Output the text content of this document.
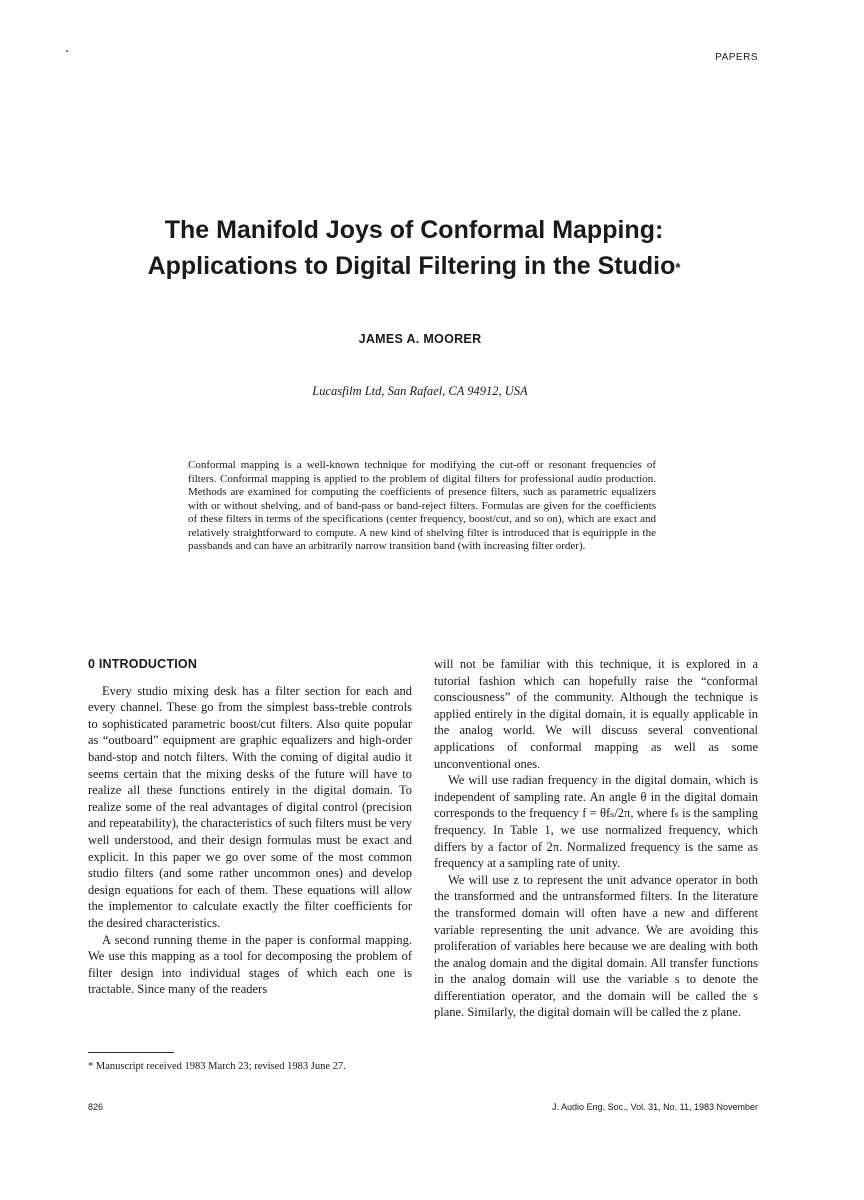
PAPERS
The Manifold Joys of Conformal Mapping:
Applications to Digital Filtering in the Studio*
JAMES A. MOORER
Lucasfilm Ltd, San Rafael, CA 94912, USA
Conformal mapping is a well-known technique for modifying the cut-off or resonant frequencies of filters. Conformal mapping is applied to the problem of digital filters for professional audio production. Methods are examined for computing the coefficients of presence filters, such as parametric equalizers with or without shelving, and of band-pass or band-reject filters. Formulas are given for the coefficients of these filters in terms of the specifications (center frequency, boost/cut, and so on), which are exact and relatively straightforward to compute. A new kind of shelving filter is introduced that is equiripple in the passbands and can have an arbitrarily narrow transition band (with increasing filter order).
0 INTRODUCTION

Every studio mixing desk has a filter section for each and every channel. These go from the simplest bass-treble controls to sophisticated parametric boost/cut filters. Also quite popular as “outboard” equipment are graphic equalizers and high-order band-stop and notch filters. With the coming of digital audio it seems certain that the mixing desks of the future will have to realize all these functions entirely in the digital domain. To realize some of the real advantages of digital control (precision and repeatability), the characteristics of such filters must be very well understood, and their design formulas must be exact and explicit. In this paper we go over some of the most common studio filters (and some rather uncommon ones) and develop design equations for each of them. These equations will allow the implementor to calculate exactly the filter coefficients for the desired characteristics.

A second running theme in the paper is conformal mapping. We use this mapping as a tool for decomposing the problem of filter design into individual stages of which each one is tractable. Since many of the readers

will not be familiar with this technique, it is explored in a tutorial fashion which can hopefully raise the “conformal consciousness” of the community. Although the technique is applied entirely in the digital domain, it is equally applicable in the analog world. We will discuss several conventional applications of conformal mapping as well as some unconventional ones.

We will use radian frequency in the digital domain, which is independent of sampling rate. An angle θ in the digital domain corresponds to the frequency f = θfₛ/2π, where fₛ is the sampling frequency. In Table 1, we use normalized frequency, which differs by a factor of 2π. Normalized frequency is the same as frequency at a sampling rate of unity.

We will use z to represent the unit advance operator in both the transformed and the untransformed filters. In the literature the transformed domain will often have a new and different variable representing the unit advance. We are avoiding this proliferation of variables here because we are dealing with both the analog domain and the digital domain. All transfer functions in the analog domain will use the variable s to denote the differentiation operator, and the domain will be called the s plane. Similarly, the digital domain will be called the z plane.

* Manuscript received 1983 March 23; revised 1983 June 27.
826	J. Audio Eng. Soc., Vol. 31, No. 11, 1983 November
